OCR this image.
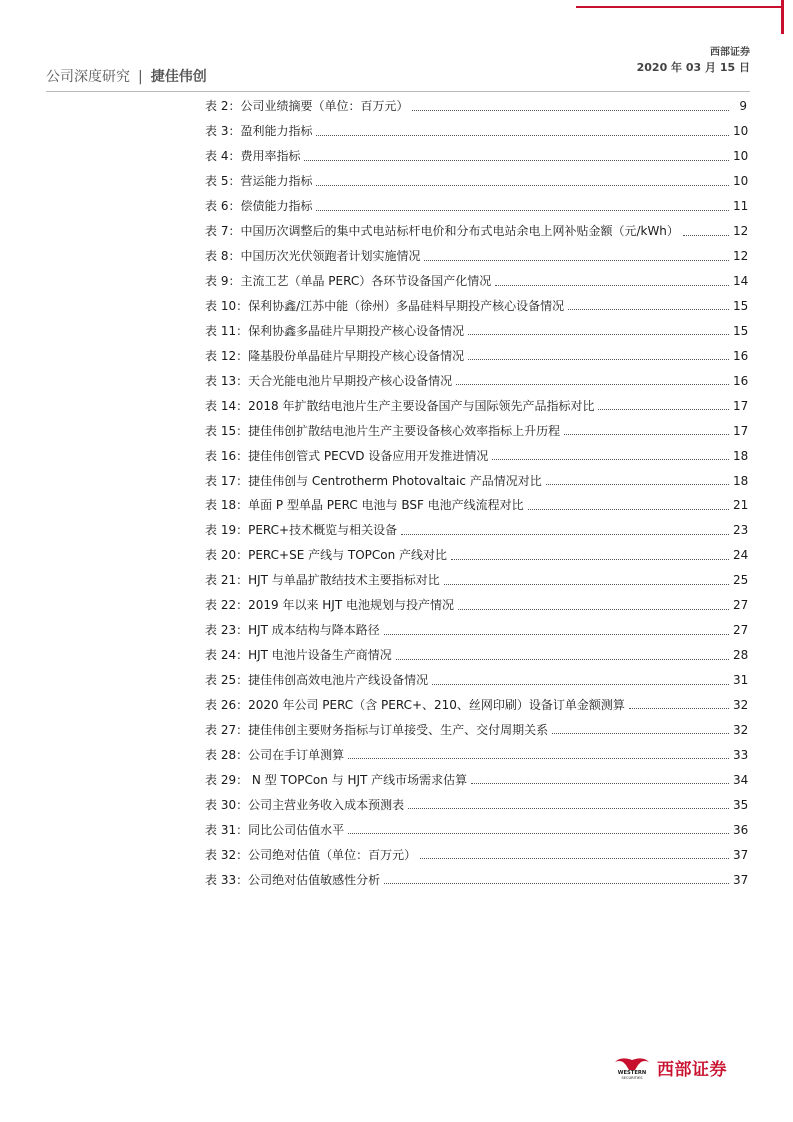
西部证券
2020 年 03 月 15 日
公司深度研究 | 捷佳伟创
表 2：公司业绩摘要（单位：百万元）	9
表 3：盈利能力指标	10
表 4：费用率指标	10
表 5：营运能力指标	10
表 6：偿债能力指标	11
表 7：中国历次调整后的集中式电站标杆电价和分布式电站余电上网补贴金额（元/kWh）	12
表 8：中国历次光伏领跑者计划实施情况	12
表 9：主流工艺（单晶 PERC）各环节设备国产化情况	14
表 10：保利协鑫/江苏中能（徐州）多晶硅料早期投产核心设备情况	15
表 11：保利协鑫多晶硅片早期投产核心设备情况	15
表 12：隆基股份单晶硅片早期投产核心设备情况	16
表 13：天合光能电池片早期投产核心设备情况	16
表 14：2018 年扩散结电池片生产主要设备国产与国际领先产品指标对比	17
表 15：捷佳伟创扩散结电池片生产主要设备核心效率指标上升历程	17
表 16：捷佳伟创管式 PECVD 设备应用开发推进情况	18
表 17：捷佳伟创与 Centrotherm Photovaltaic 产品情况对比	18
表 18：单面 P 型单晶 PERC 电池与 BSF 电池产线流程对比	21
表 19：PERC+技术概览与相关设备	23
表 20：PERC+SE 产线与 TOPCon 产线对比	24
表 21：HJT 与单晶扩散结技术主要指标对比	25
表 22：2019 年以来 HJT 电池规划与投产情况	27
表 23：HJT 成本结构与降本路径	27
表 24：HJT 电池片设备生产商情况	28
表 25：捷佳伟创高效电池片产线设备情况	31
表 26：2020 年公司 PERC（含 PERC+、210、丝网印刷）设备订单金额测算	32
表 27：捷佳伟创主要财务指标与订单接受、生产、交付周期关系	32
表 28：公司在手订单测算	33
表 29： N 型 TOPCon 与 HJT 产线市场需求估算	34
表 30：公司主营业务收入成本预测表	35
表 31：同比公司估值水平	36
表 32：公司绝对估值（单位：百万元）	37
表 33：公司绝对估值敏感性分析	37
WESTERN
SECURITIES 西部证券
